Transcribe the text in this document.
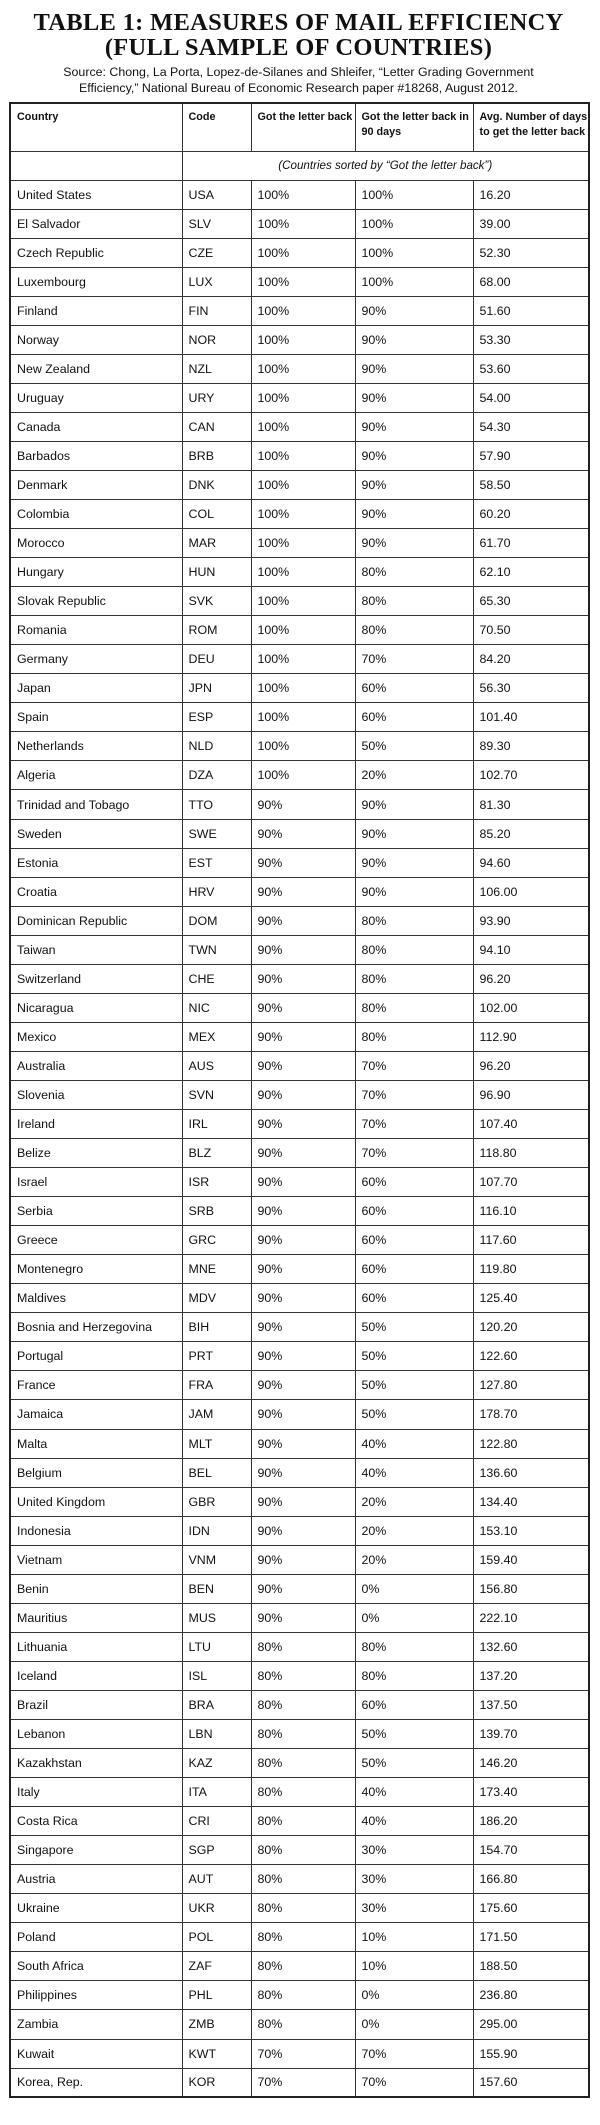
TABLE 1: MEASURES OF MAIL EFFICIENCY
(FULL SAMPLE OF COUNTRIES)

Source: Chong, La Porta, Lopez-de-Silanes and Shleifer, “Letter Grading Government
Efficiency,” National Bureau of Economic Research paper #18268, August 2012.

Country	Code	Got the letter back	Got the letter back in 90 days	Avg. Number of days to get the letter back
	(Countries sorted by “Got the letter back”)			
United States	USA	100%	100%	16.20
El Salvador	SLV	100%	100%	39.00
Czech Republic	CZE	100%	100%	52.30
Luxembourg	LUX	100%	100%	68.00
Finland	FIN	100%	90%	51.60
Norway	NOR	100%	90%	53.30
New Zealand	NZL	100%	90%	53.60
Uruguay	URY	100%	90%	54.00
Canada	CAN	100%	90%	54.30
Barbados	BRB	100%	90%	57.90
Denmark	DNK	100%	90%	58.50
Colombia	COL	100%	90%	60.20
Morocco	MAR	100%	90%	61.70
Hungary	HUN	100%	80%	62.10
Slovak Republic	SVK	100%	80%	65.30
Romania	ROM	100%	80%	70.50
Germany	DEU	100%	70%	84.20
Japan	JPN	100%	60%	56.30
Spain	ESP	100%	60%	101.40
Netherlands	NLD	100%	50%	89.30
Algeria	DZA	100%	20%	102.70
Trinidad and Tobago	TTO	90%	90%	81.30
Sweden	SWE	90%	90%	85.20
Estonia	EST	90%	90%	94.60
Croatia	HRV	90%	90%	106.00
Dominican Republic	DOM	90%	80%	93.90
Taiwan	TWN	90%	80%	94.10
Switzerland	CHE	90%	80%	96.20
Nicaragua	NIC	90%	80%	102.00
Mexico	MEX	90%	80%	112.90
Australia	AUS	90%	70%	96.20
Slovenia	SVN	90%	70%	96.90
Ireland	IRL	90%	70%	107.40
Belize	BLZ	90%	70%	118.80
Israel	ISR	90%	60%	107.70
Serbia	SRB	90%	60%	116.10
Greece	GRC	90%	60%	117.60
Montenegro	MNE	90%	60%	119.80
Maldives	MDV	90%	60%	125.40
Bosnia and Herzegovina	BIH	90%	50%	120.20
Portugal	PRT	90%	50%	122.60
France	FRA	90%	50%	127.80
Jamaica	JAM	90%	50%	178.70
Malta	MLT	90%	40%	122.80
Belgium	BEL	90%	40%	136.60
United Kingdom	GBR	90%	20%	134.40
Indonesia	IDN	90%	20%	153.10
Vietnam	VNM	90%	20%	159.40
Benin	BEN	90%	0%	156.80
Mauritius	MUS	90%	0%	222.10
Lithuania	LTU	80%	80%	132.60
Iceland	ISL	80%	80%	137.20
Brazil	BRA	80%	60%	137.50
Lebanon	LBN	80%	50%	139.70
Kazakhstan	KAZ	80%	50%	146.20
Italy	ITA	80%	40%	173.40
Costa Rica	CRI	80%	40%	186.20
Singapore	SGP	80%	30%	154.70
Austria	AUT	80%	30%	166.80
Ukraine	UKR	80%	30%	175.60
Poland	POL	80%	10%	171.50
South Africa	ZAF	80%	10%	188.50
Philippines	PHL	80%	0%	236.80
Zambia	ZMB	80%	0%	295.00
Kuwait	KWT	70%	70%	155.90
Korea, Rep.	KOR	70%	70%	157.60
